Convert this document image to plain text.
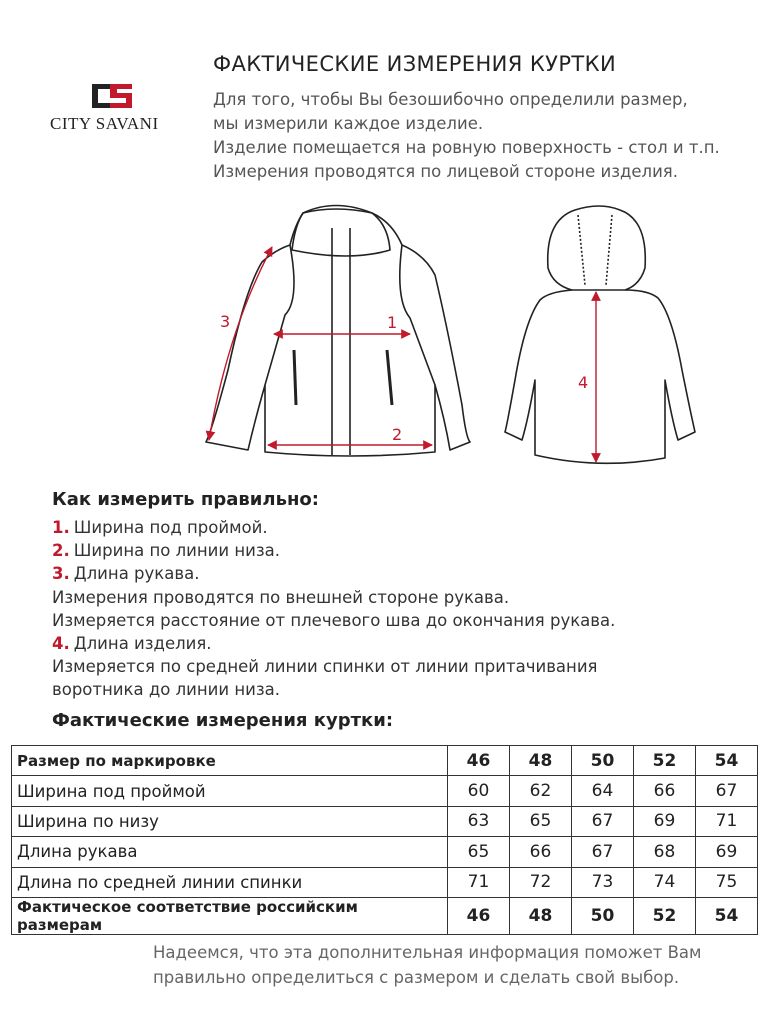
CITY SAVANI
ФАКТИЧЕСКИЕ ИЗМЕРЕНИЯ КУРТКИ
Для того, чтобы Вы безошибочно определили размер,
мы измерили каждое изделие.
Изделие помещается на ровную поверхность - стол и т.п.
Измерения проводятся по лицевой стороне изделия.
1
2
3
4
Как измерить правильно:
1. Ширина под проймой.
2. Ширина по линии низа.
3. Длина рукава.
Измерения проводятся по внешней стороне рукава.
Измеряется расстояние от плечевого шва до окончания рукава.
4. Длина изделия.
Измеряется по средней линии спинки от линии притачивания
воротника до линии низа.
Фактические измерения куртки:
Размер по маркировке	46	48	50	52	54
Ширина под проймой	60	62	64	66	67
Ширина по низу	63	65	67	69	71
Длина рукава	65	66	67	68	69
Длина по средней линии спинки	71	72	73	74	75
Фактическое соответствие российским размерам	46	48	50	52	54
Надеемся, что эта дополнительная информация поможет Вам
правильно определиться с размером и сделать свой выбор.
